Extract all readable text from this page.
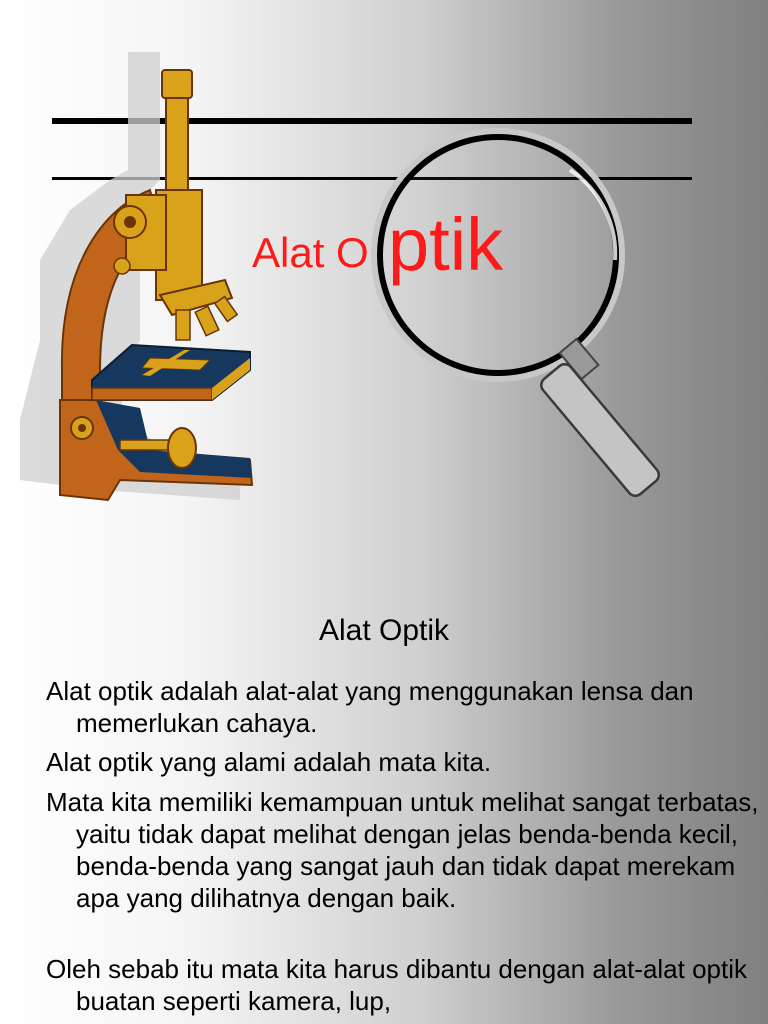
Alat O ptik
Alat Optik

Alat optik adalah alat-alat yang menggunakan lensa dan memerlukan cahaya.

Alat optik yang alami adalah mata kita.

Mata kita memiliki kemampuan untuk melihat sangat terbatas, yaitu tidak dapat melihat dengan jelas benda-benda kecil, benda-benda yang sangat jauh dan tidak dapat merekam apa yang dilihatnya dengan baik.

Oleh sebab itu mata kita harus dibantu dengan alat-alat optik buatan seperti kamera, lup,
